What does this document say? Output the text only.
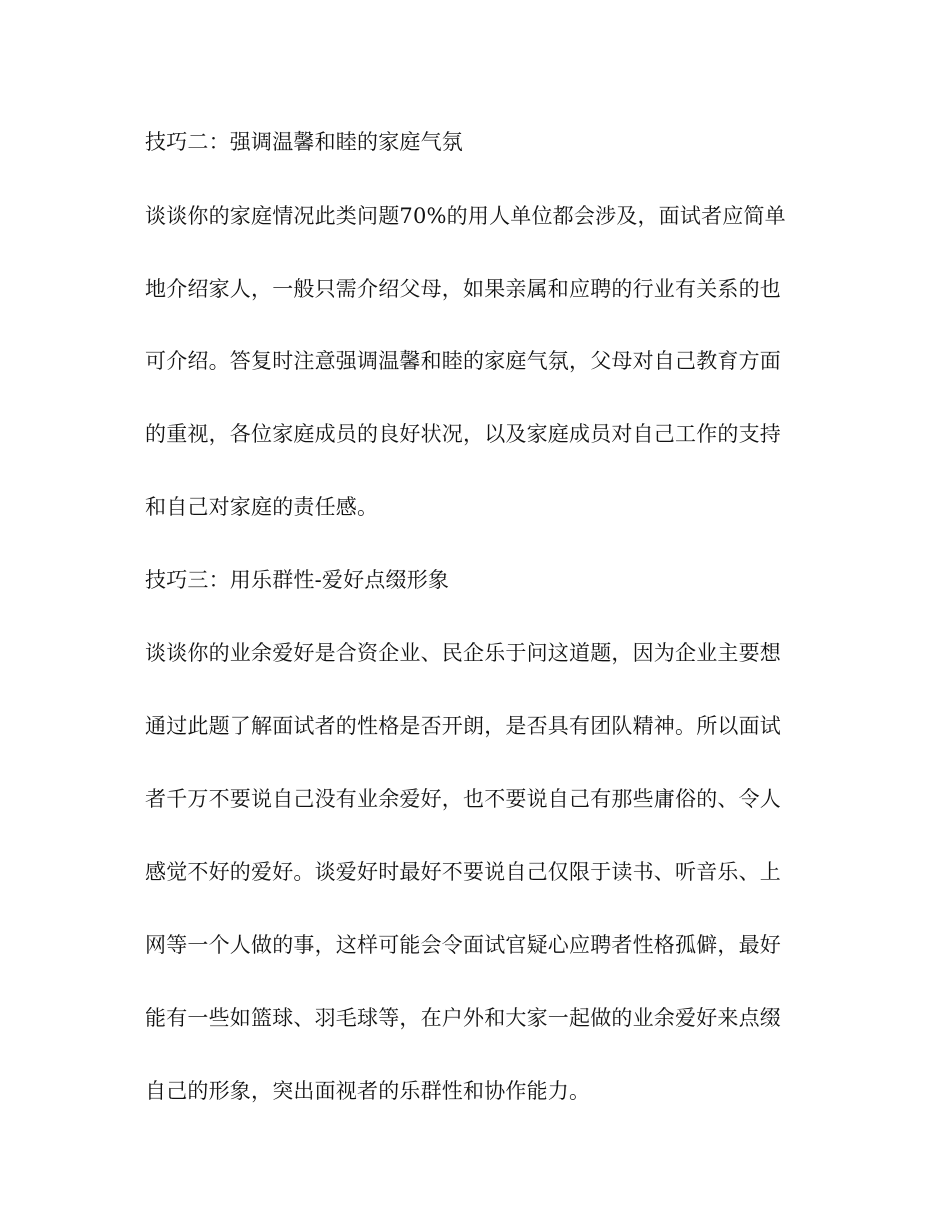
技巧二：强调温馨和睦的家庭气氛
谈谈你的家庭情况此类问题70%的用人单位都会涉及，面试者应简单
地介绍家人，一般只需介绍父母，如果亲属和应聘的行业有关系的也
可介绍。答复时注意强调温馨和睦的家庭气氛，父母对自己教育方面
的重视，各位家庭成员的良好状况，以及家庭成员对自己工作的支持
和自己对家庭的责任感。
技巧三：用乐群性-爱好点缀形象
谈谈你的业余爱好是合资企业、民企乐于问这道题，因为企业主要想
通过此题了解面试者的性格是否开朗，是否具有团队精神。所以面试
者千万不要说自己没有业余爱好，也不要说自己有那些庸俗的、令人
感觉不好的爱好。谈爱好时最好不要说自己仅限于读书、听音乐、上
网等一个人做的事，这样可能会令面试官疑心应聘者性格孤僻，最好
能有一些如篮球、羽毛球等，在户外和大家一起做的业余爱好来点缀
自己的形象，突出面视者的乐群性和协作能力。
